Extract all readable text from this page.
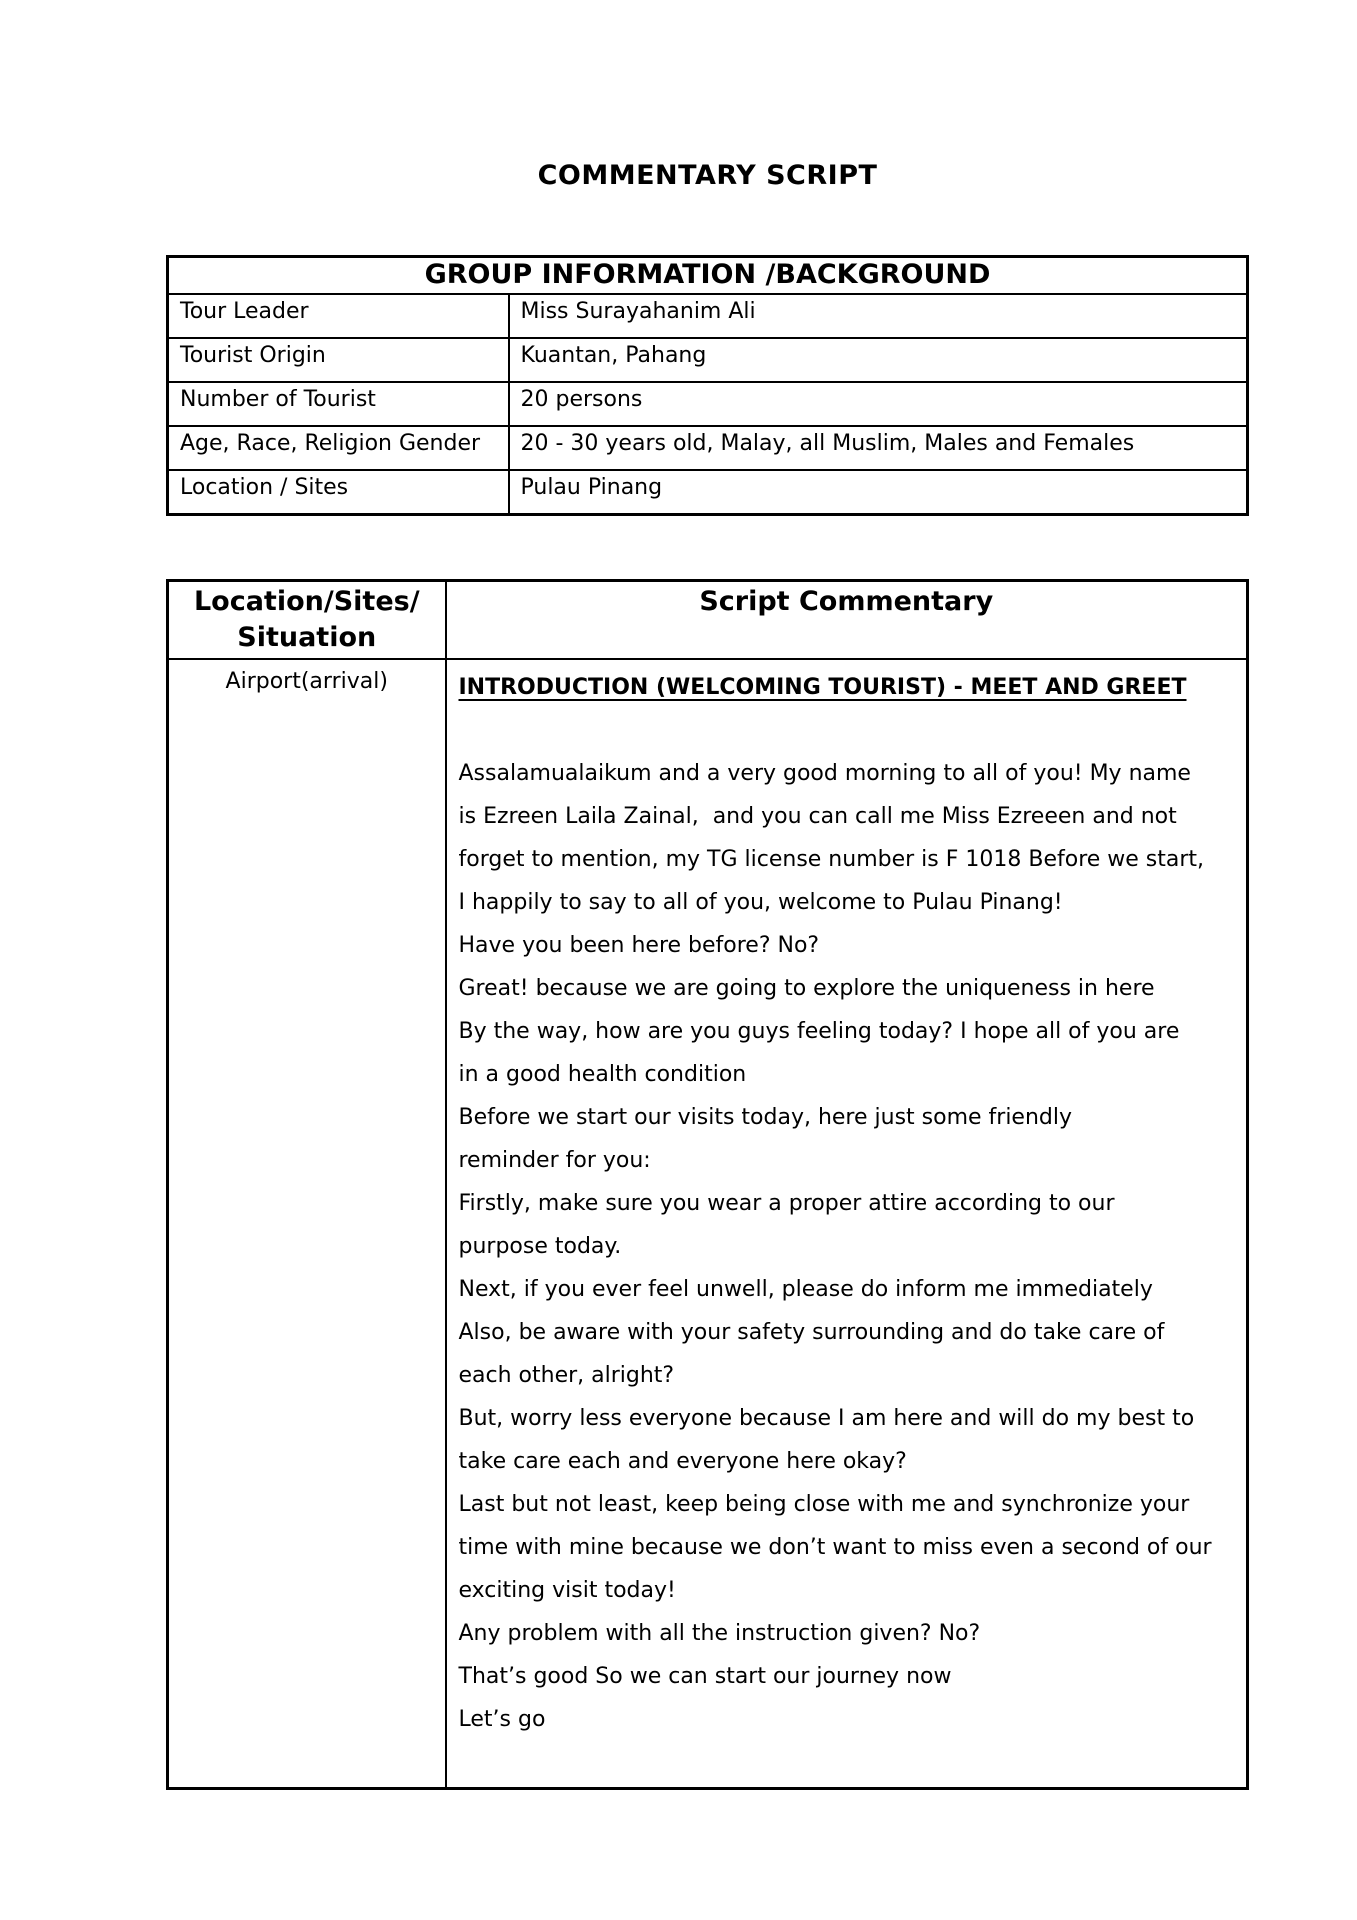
COMMENTARY SCRIPT
GROUP INFORMATION /BACKGROUND	
Tour Leader	Miss Surayahanim Ali
Tourist Origin	Kuantan, Pahang
Number of Tourist	20 persons
Age, Race, Religion Gender	20 - 30 years old, Malay, all Muslim, Males and Females
Location / Sites	Pulau Pinang
Location/Sites/
Situation	Script Commentary
Airport(arrival)	INTRODUCTION (WELCOMING TOURIST) - MEET AND GREET

Assalamualaikum and a very good morning to all of you! My name
is Ezreen Laila Zainal,  and you can call me Miss Ezreeen and not
forget to mention, my TG license number is F 1018 Before we start,
I happily to say to all of you, welcome to Pulau Pinang!
Have you been here before? No?
Great! because we are going to explore the uniqueness in here
By the way, how are you guys feeling today? I hope all of you are
in a good health condition
Before we start our visits today, here just some friendly
reminder for you:
Firstly, make sure you wear a proper attire according to our
purpose today.
Next, if you ever feel unwell, please do inform me immediately
Also, be aware with your safety surrounding and do take care of
each other, alright?
But, worry less everyone because I am here and will do my best to
take care each and everyone here okay?
Last but not least, keep being close with me and synchronize your
time with mine because we don’t want to miss even a second of our
exciting visit today!
Any problem with all the instruction given? No?
That’s good So we can start our journey now
Let’s go
